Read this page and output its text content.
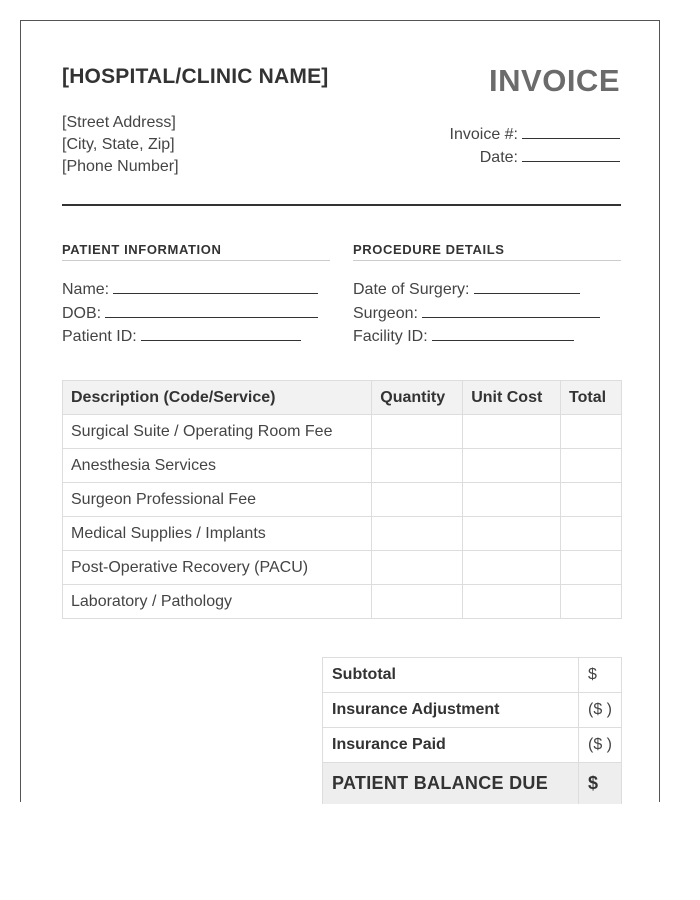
[HOSPITAL/CLINIC NAME]	INVOICE
[Street Address]
[City, State, Zip]
[Phone Number]
Invoice #:
Date:
PATIENT INFORMATION
Name:
DOB:
Patient ID:
PROCEDURE DETAILS
Date of Surgery:
Surgeon:
Facility ID:
Description (Code/Service)	Quantity	Unit Cost	Total
Surgical Suite / Operating Room Fee			
Anesthesia Services			
Surgeon Professional Fee			
Medical Supplies / Implants			
Post-Operative Recovery (PACU)			
Laboratory / Pathology			
Subtotal	$
Insurance Adjustment	($ )
Insurance Paid	($ )
PATIENT BALANCE DUE	$
